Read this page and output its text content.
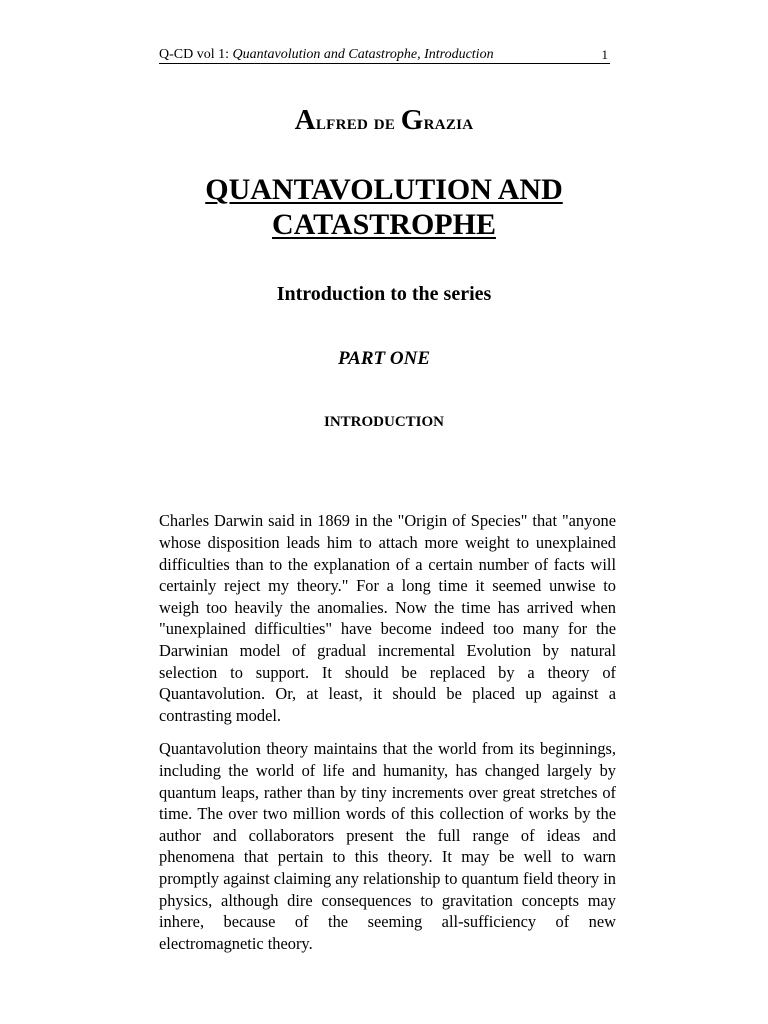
Q-CD vol 1: Quantavolution and Catastrophe, Introduction	1
Alfred de Grazia
QUANTAVOLUTION AND
CATASTROPHE
Introduction to the series
PART ONE
INTRODUCTION

Charles Darwin said in 1869 in the "Origin of Species" that "anyone whose disposition leads him to attach more weight to unexplained difficulties than to the explanation of a certain number of facts will certainly reject my theory." For a long time it seemed unwise to weigh too heavily the anomalies. Now the time has arrived when "unexplained difficulties" have become indeed too many for the Darwinian model of gradual incremental Evolution by natural selection to support. It should be replaced by a theory of Quantavolution. Or, at least, it should be placed up against a contrasting model.

Quantavolution theory maintains that the world from its beginnings, including the world of life and humanity, has changed largely by quantum leaps, rather than by tiny increments over great stretches of time. The over two million words of this collection of works by the author and collaborators present the full range of ideas and phenomena that pertain to this theory. It may be well to warn promptly against claiming any relationship to quantum field theory in physics, although dire consequences to gravitation concepts may inhere, because of the seeming all-sufficiency of new electromagnetic theory.
